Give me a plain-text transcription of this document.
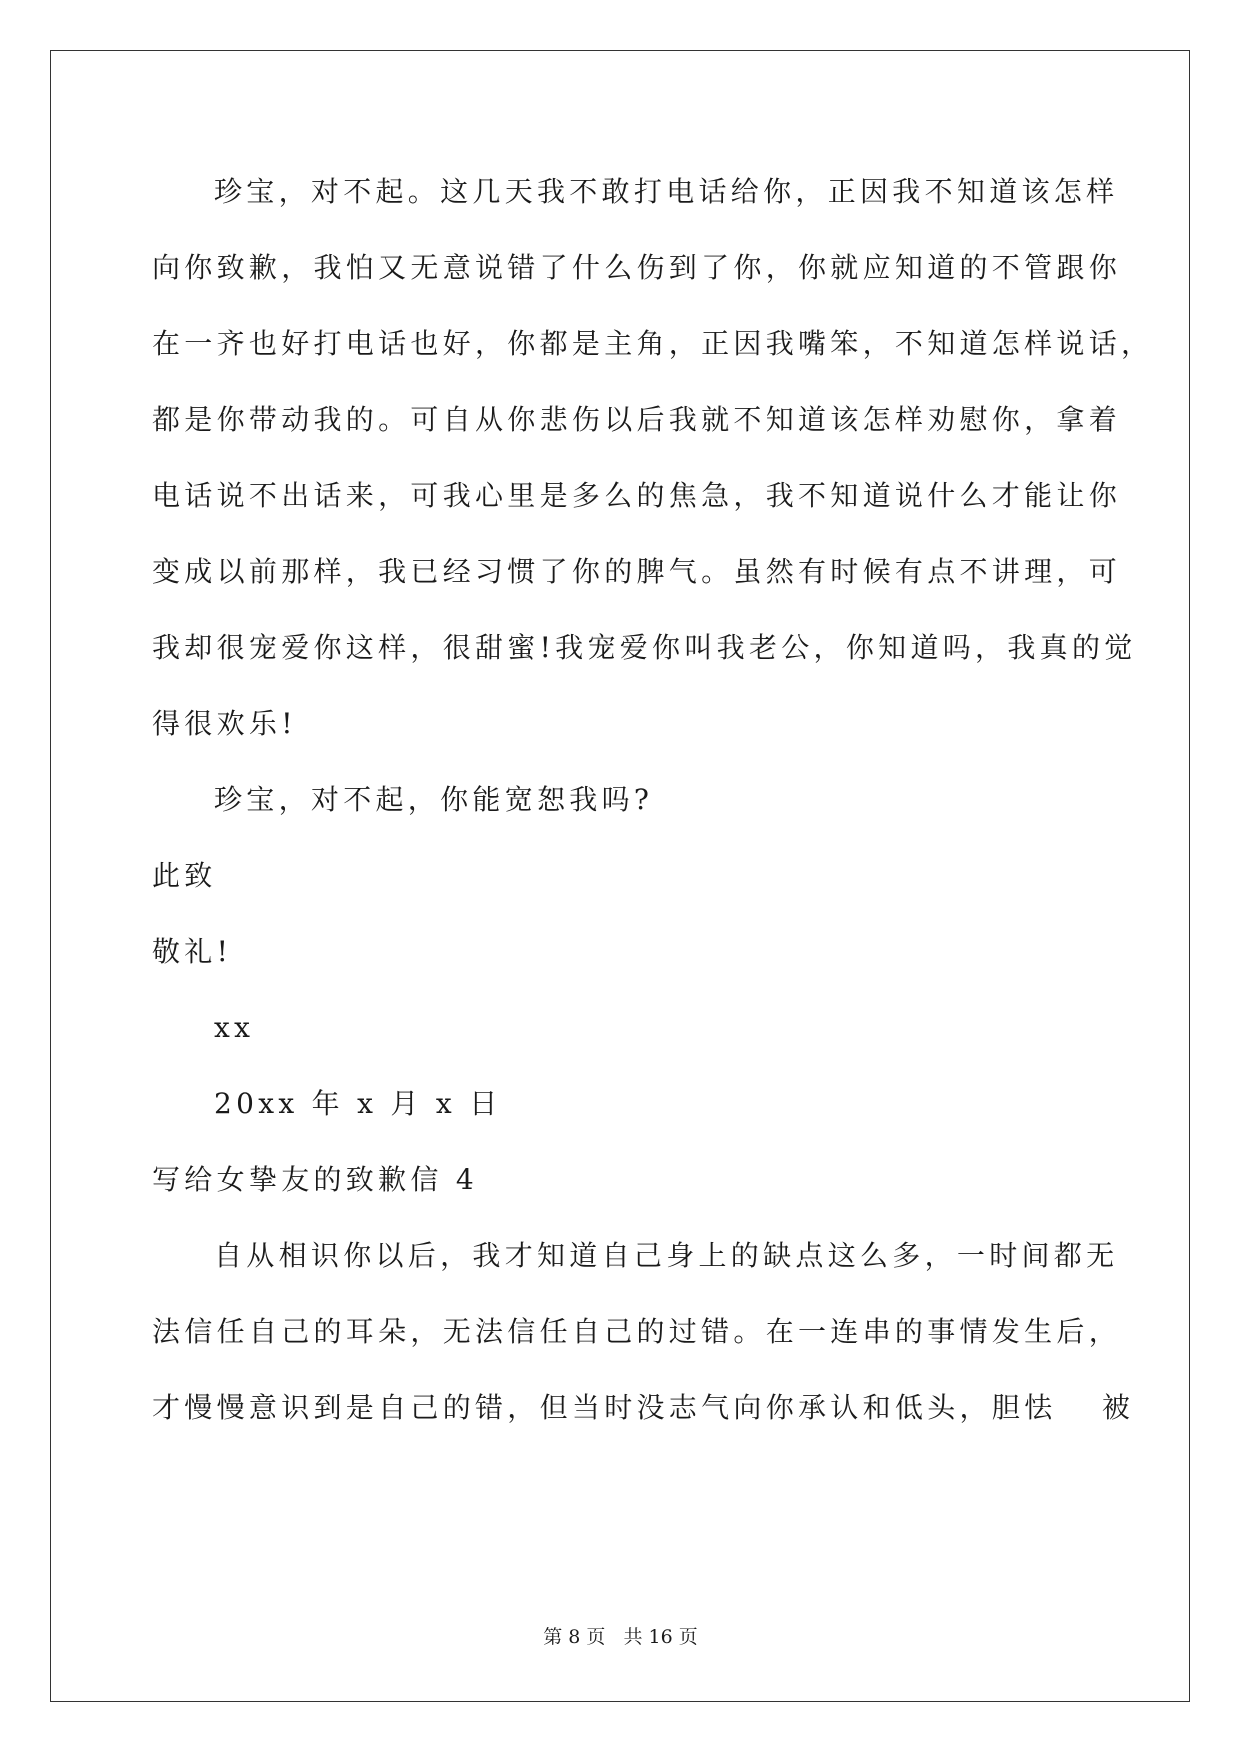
珍宝，对不起。这几天我不敢打电话给你，正因我不知道该怎样
向你致歉，我怕又无意说错了什么伤到了你，你就应知道的不管跟你
在一齐也好打电话也好，你都是主角，正因我嘴笨，不知道怎样说话，
都是你带动我的。可自从你悲伤以后我就不知道该怎样劝慰你，拿着
电话说不出话来，可我心里是多么的焦急，我不知道说什么才能让你
变成以前那样，我已经习惯了你的脾气。虽然有时候有点不讲理，可
我却很宠爱你这样，很甜蜜!我宠爱你叫我老公，你知道吗，我真的觉
得很欢乐!
珍宝，对不起，你能宽恕我吗?
此致
敬礼!
xx
20xx 年 x 月 x 日
写给女挚友的致歉信 4
自从相识你以后，我才知道自己身上的缺点这么多，一时间都无
法信任自己的耳朵，无法信任自己的过错。在一连串的事情发生后，
才慢慢意识到是自己的错，但当时没志气向你承认和低头，胆怯　 被
第 8 页 共 16 页
